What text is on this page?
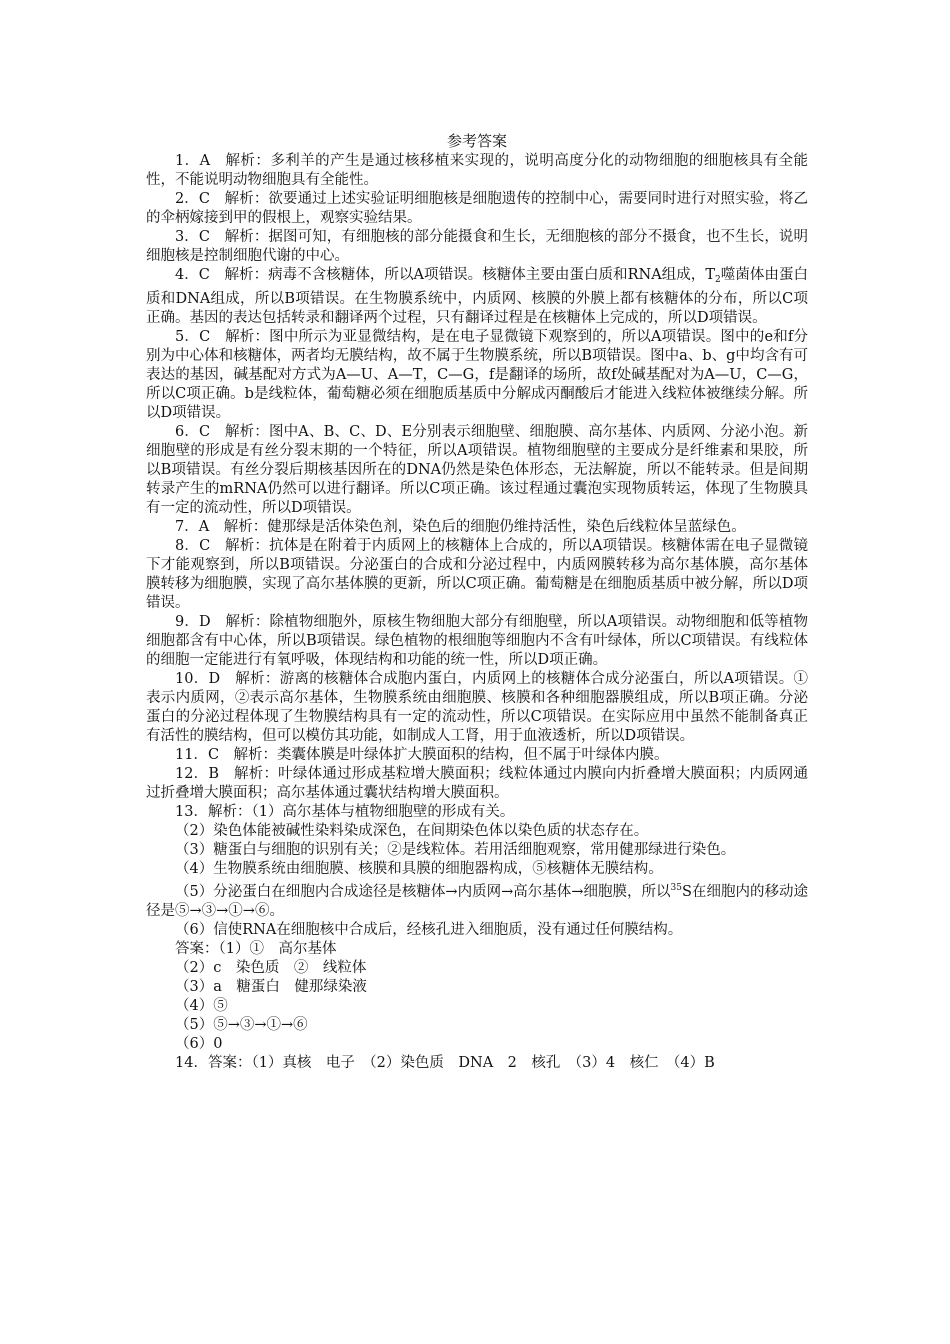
参考答案

1．A　解析：多利羊的产生是通过核移植来实现的，说明高度分化的动物细胞的细胞核具有全能性，不能说明动物细胞具有全能性。

2．C　解析：欲要通过上述实验证明细胞核是细胞遗传的控制中心，需要同时进行对照实验，将乙的伞柄嫁接到甲的假根上，观察实验结果。

3．C　解析：据图可知，有细胞核的部分能摄食和生长，无细胞核的部分不摄食，也不生长，说明细胞核是控制细胞代谢的中心。

4．C　解析：病毒不含核糖体，所以A项错误。核糖体主要由蛋白质和RNA组成，$T_2$噬菌体由蛋白质和DNA组成，所以B项错误。在生物膜系统中，内质网、核膜的外膜上都有核糖体的分布，所以C项正确。基因的表达包括转录和翻译两个过程，只有翻译过程是在核糖体上完成的，所以D项错误。

5．C　解析：图中所示为亚显微结构，是在电子显微镜下观察到的，所以A项错误。图中的e和f分别为中心体和核糖体，两者均无膜结构，故不属于生物膜系统，所以B项错误。图中a、b、g中均含有可表达的基因，碱基配对方式为A—U、A—T，C—G，f是翻译的场所，故f处碱基配对为A—U，C—G，所以C项正确。b是线粒体，葡萄糖必须在细胞质基质中分解成丙酮酸后才能进入线粒体被继续分解。所以D项错误。

6．C　解析：图中A、B、C、D、E分别表示细胞壁、细胞膜、高尔基体、内质网、分泌小泡。新细胞壁的形成是有丝分裂末期的一个特征，所以A项错误。植物细胞壁的主要成分是纤维素和果胶，所以B项错误。有丝分裂后期核基因所在的DNA仍然是染色体形态，无法解旋，所以不能转录。但是间期转录产生的mRNA仍然可以进行翻译。所以C项正确。该过程通过囊泡实现物质转运，体现了生物膜具有一定的流动性，所以D项错误。

7．A　解析：健那绿是活体染色剂，染色后的细胞仍维持活性，染色后线粒体呈蓝绿色。

8．C　解析：抗体是在附着于内质网上的核糖体上合成的，所以A项错误。核糖体需在电子显微镜下才能观察到，所以B项错误。分泌蛋白的合成和分泌过程中，内质网膜转移为高尔基体膜，高尔基体膜转移为细胞膜，实现了高尔基体膜的更新，所以C项正确。葡萄糖是在细胞质基质中被分解，所以D项错误。

9．D　解析：除植物细胞外，原核生物细胞大部分有细胞壁，所以A项错误。动物细胞和低等植物细胞都含有中心体，所以B项错误。绿色植物的根细胞等细胞内不含有叶绿体，所以C项错误。有线粒体的细胞一定能进行有氧呼吸，体现结构和功能的统一性，所以D项正确。

10．D　解析：游离的核糖体合成胞内蛋白，内质网上的核糖体合成分泌蛋白，所以A项错误。①表示内质网，②表示高尔基体，生物膜系统由细胞膜、核膜和各种细胞器膜组成，所以B项正确。分泌蛋白的分泌过程体现了生物膜结构具有一定的流动性，所以C项错误。在实际应用中虽然不能制备真正有活性的膜结构，但可以模仿其功能，如制成人工肾，用于血液透析，所以D项错误。

11．C　解析：类囊体膜是叶绿体扩大膜面积的结构，但不属于叶绿体内膜。

12．B　解析：叶绿体通过形成基粒增大膜面积；线粒体通过内膜向内折叠增大膜面积；内质网通过折叠增大膜面积；高尔基体通过囊状结构增大膜面积。

13．解析：（1）高尔基体与植物细胞壁的形成有关。

（2）染色体能被碱性染料染成深色，在间期染色体以染色质的状态存在。

（3）糖蛋白与细胞的识别有关；②是线粒体。若用活细胞观察，常用健那绿进行染色。

（4）生物膜系统由细胞膜、核膜和具膜的细胞器构成，⑤核糖体无膜结构。

（5）分泌蛋白在细胞内合成途径是核糖体→内质网→高尔基体→细胞膜，所以$^{35}$S在细胞内的移动途径是⑤→③→①→⑥。

（6）信使RNA在细胞核中合成后，经核孔进入细胞质，没有通过任何膜结构。

答案：（1）①　高尔基体

（2）c　染色质　②　线粒体

（3）a　糖蛋白　健那绿染液

（4）⑤

（5）⑤→③→①→⑥

（6）0

14．答案：（1）真核　电子　（2）染色质　DNA　2　核孔　（3）4　核仁　（4）B
